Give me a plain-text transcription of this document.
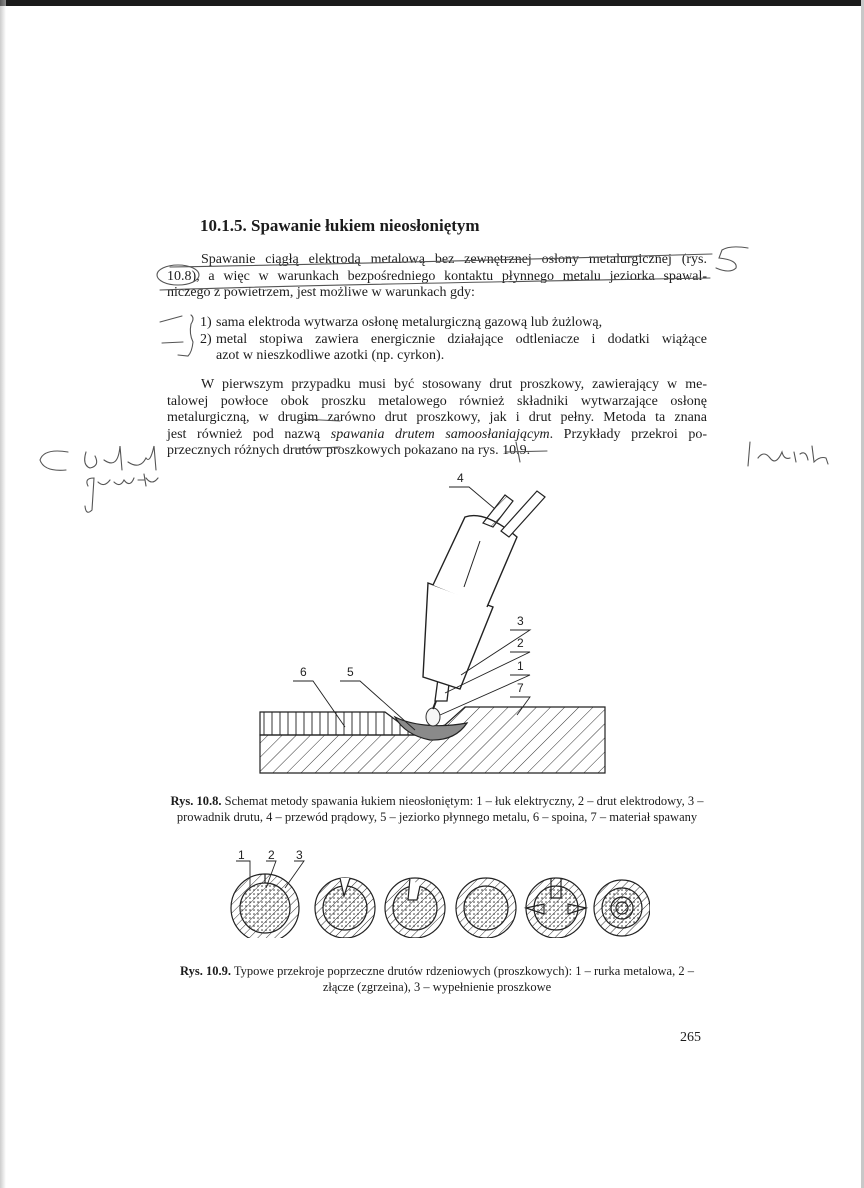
10.1.5. Spawanie łukiem nieosłoniętym
Spawanie ciągłą elektrodą metalową bez zewnętrznej osłony metalurgicznej (rys.
10.8), a więc w warunkach bezpośredniego kontaktu płynnego metalu jeziorka spawal-
niczego z powietrzem, jest możliwe w warunkach gdy:
1) sama elektroda wytwarza osłonę metalurgiczną gazową lub żużlową,
2) metal stopiwa zawiera energicznie działające odtleniacze i dodatki wiążące
azot w nieszkodliwe azotki (np. cyrkon).
W pierwszym przypadku musi być stosowany drut proszkowy, zawierający w me-
talowej powłoce obok proszku metalowego również składniki wytwarzające osłonę
metalurgiczną, w drugim zarówno drut proszkowy, jak i drut pełny. Metoda ta znana
jest również pod nazwą spawania drutem samoosłaniającym. Przykłady przekroi po-
przecznych różnych drutów proszkowych pokazano na rys. 10.9.
4
3
2
1
7
6	5
Rys. 10.8. Schemat metody spawania łukiem nieosłoniętym: 1 – łuk elektryczny, 2 – drut elektrodowy, 3 – prowadnik drutu, 4 – przewód prądowy, 5 – jeziorko płynnego metalu, 6 – spoina, 7 – materiał spawany
1 2 3
Rys. 10.9. Typowe przekroje poprzeczne drutów rdzeniowych (proszkowych): 1 – rurka metalowa, 2 – złącze (zgrzeina), 3 – wypełnienie proszkowe
265
6 drut proszk
pamlen
5
